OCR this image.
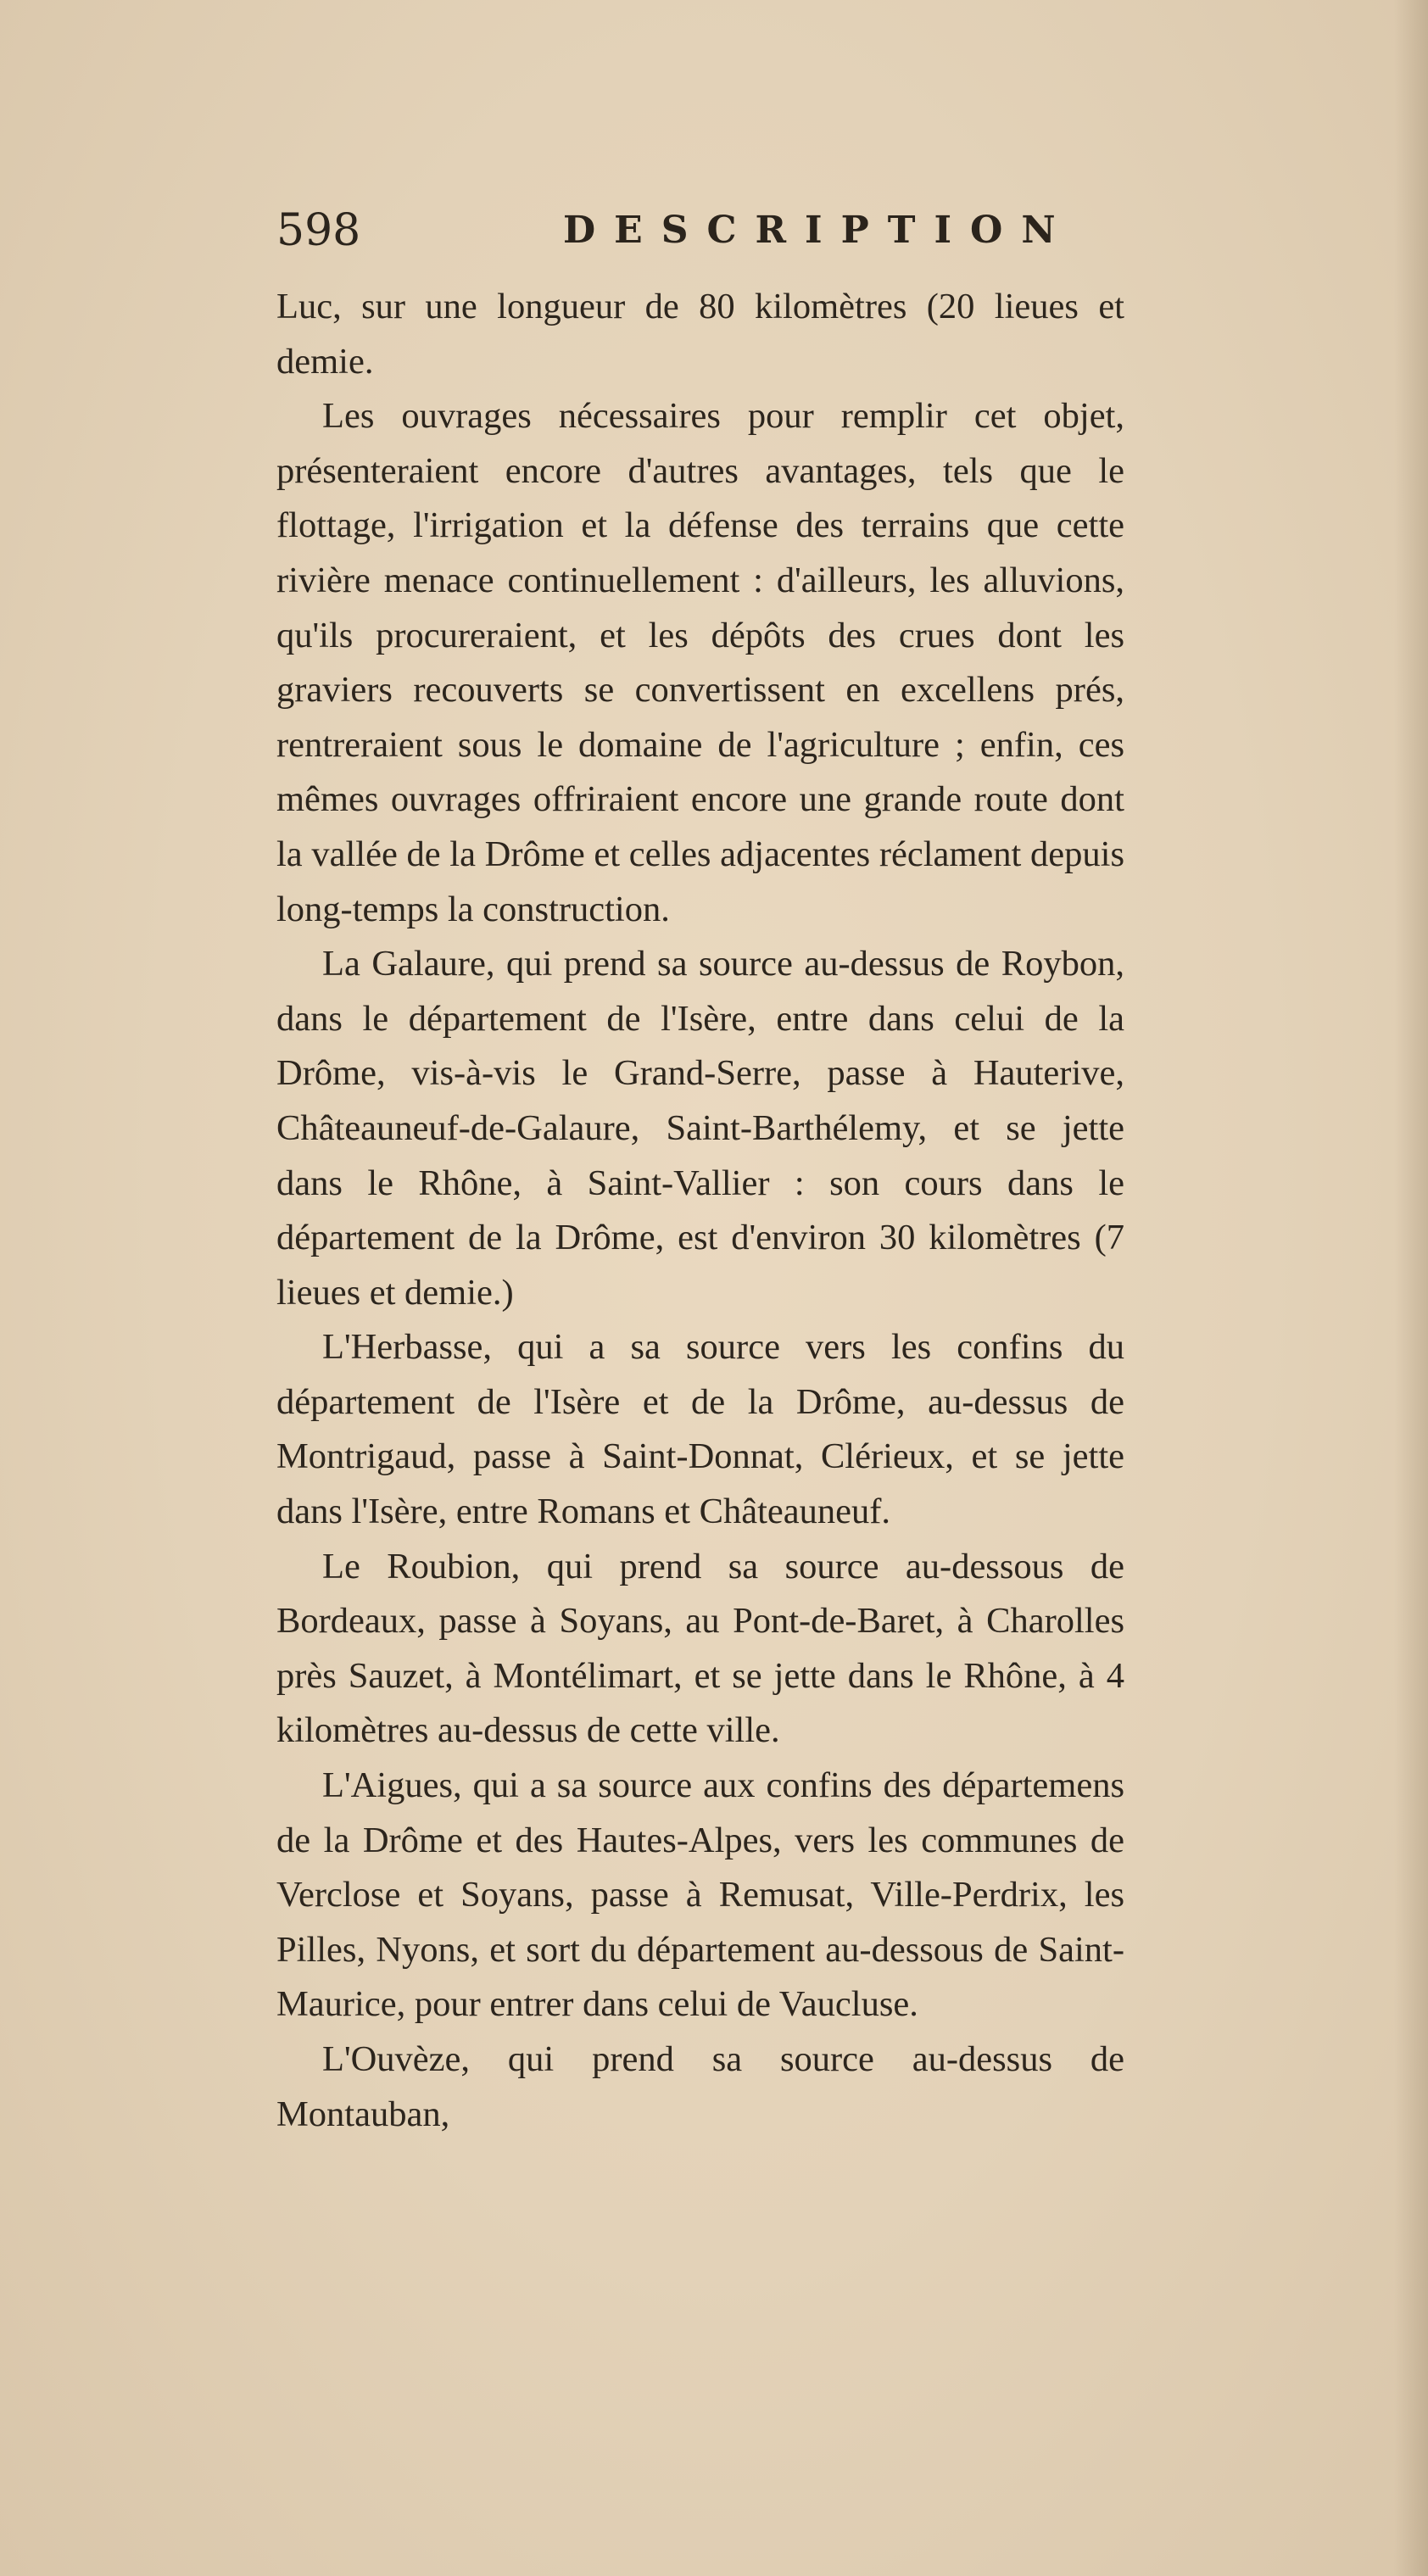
598	DESCRIPTION

Luc, sur une longueur de 80 kilomètres (20 lieues et demie.

Les ouvrages nécessaires pour remplir cet objet, présenteraient encore d'autres avantages, tels que le flottage, l'irrigation et la défense des terrains que cette rivière menace continuellement : d'ailleurs, les alluvions, qu'ils procureraient, et les dépôts des crues dont les graviers recouverts se convertissent en excellens prés, rentreraient sous le domaine de l'agriculture ; enfin, ces mêmes ouvrages offriraient encore une grande route dont la vallée de la Drôme et celles adjacentes réclament depuis long-temps la construction.

La Galaure, qui prend sa source au-dessus de Roybon, dans le département de l'Isère, entre dans celui de la Drôme, vis-à-vis le Grand-Serre, passe à Hauterive, Châteauneuf-de-Galaure, Saint-Barthélemy, et se jette dans le Rhône, à Saint-Vallier : son cours dans le département de la Drôme, est d'environ 30 kilomètres (7 lieues et demie.)

L'Herbasse, qui a sa source vers les confins du département de l'Isère et de la Drôme, au-dessus de Montrigaud, passe à Saint-Donnat, Clérieux, et se jette dans l'Isère, entre Romans et Châteauneuf.

Le Roubion, qui prend sa source au-dessous de Bordeaux, passe à Soyans, au Pont-de-Baret, à Charolles près Sauzet, à Montélimart, et se jette dans le Rhône, à 4 kilomètres au-dessus de cette ville.

L'Aigues, qui a sa source aux confins des départemens de la Drôme et des Hautes-Alpes, vers les communes de Verclose et Soyans, passe à Remusat, Ville-Perdrix, les Pilles, Nyons, et sort du département au-dessous de Saint-Maurice, pour entrer dans celui de Vaucluse.

L'Ouvèze, qui prend sa source au-dessus de Montauban,
